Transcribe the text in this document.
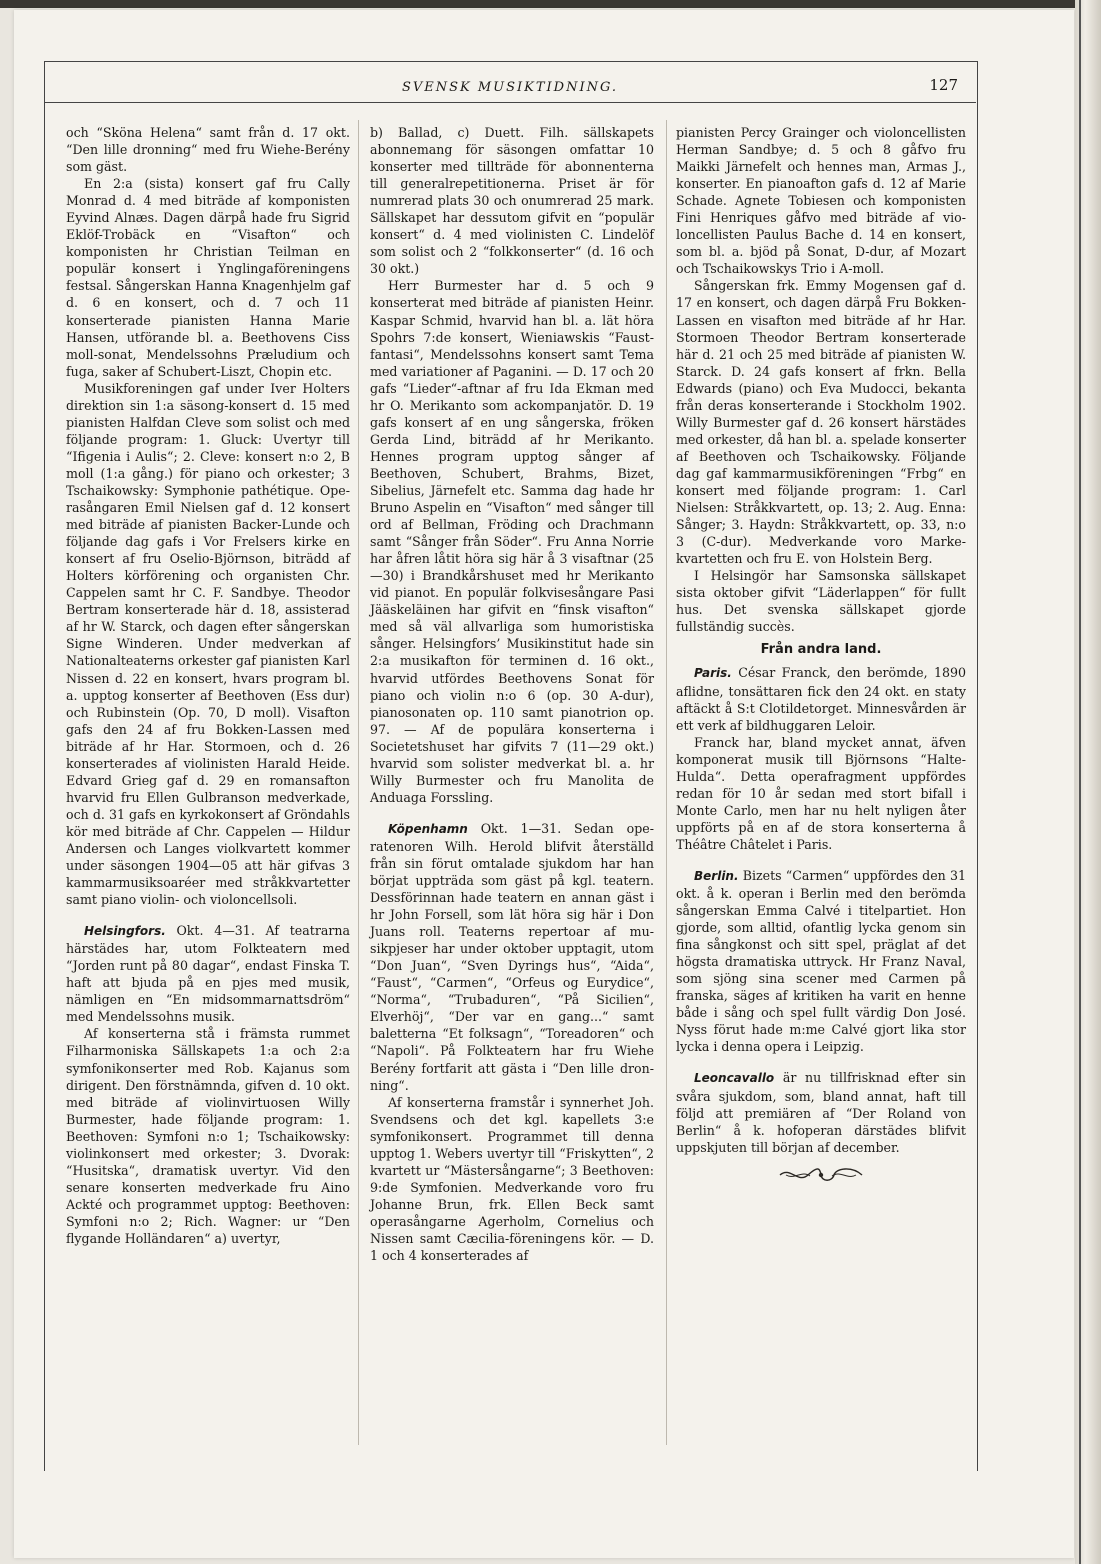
SVENSK MUSIKTIDNING.	127

och “Sköna Helena“ samt från d. 17 okt. “Den lille dronning“ med fru Wiehe-Berény som gäst.

En 2:a (sista) konsert gaf fru Cally Monrad d. 4 med biträde af komponisten Eyvind Alnæs. Dagen därpå hade fru Sigrid Eklöf-Trobäck en “Visafton“ och komponisten hr Christian Teilman en populär konsert i Ynglingaföreningens festsal. Sångerskan Hanna Knagenhjelm gaf d. 6 en konsert, och d. 7 och 11 konserterade pianisten Hanna Marie Hansen, utförande bl. a. Beethovens Ciss moll-sonat, Mendelssohns Præludium och fuga, saker af Schubert-Liszt, Chopin etc.

Musikforeningen gaf under Iver Holters direktion sin 1:a säsong-konsert d. 15 med pianisten Halfdan Cleve som solist och med följande program: 1. Gluck: Uvertyr till “Ifigenia i Aulis“; 2. Cleve: konsert n:o 2, B moll (1:a gång.) för piano och orkester; 3 Tschaikowsky: Symphonie pathétique. Operasångaren Emil Nielsen gaf d. 12 konsert med biträde af pianisten Backer-Lunde och följande dag gafs i Vor Frelsers kirke en konsert af fru Oselio-Björnson, biträdd af Holters körförening och organisten Chr. Cappelen samt hr C. F. Sandbye. Theodor Bertram konserterade här d. 18, assisterad af hr W. Starck, och dagen efter sångerskan Signe Winderen. Under medverkan af Nationalteaterns orkester gaf pianisten Karl Nissen d. 22 en konsert, hvars program bl. a. upptog konserter af Beethoven (Ess dur) och Rubinstein (Op. 70, D moll). Visafton gafs den 24 af fru Bokken-Lassen med biträde af hr Har. Stormoen, och d. 26 konserterades af violinisten Harald Heide. Edvard Grieg gaf d. 29 en romansafton hvarvid fru Ellen Gulbranson medverkade, och d. 31 gafs en kyrkokonsert af Gröndahls kör med biträde af Chr. Cappelen — Hildur Andersen och Langes violkvartett kommer under säsongen 1904—05 att här gifvas 3 kammarmusiksoaréer med stråkkvartetter samt piano violin- och violoncellsoli.

Helsingfors. Okt. 4—31. Af teatrarna härstädes har, utom Folkteatern med “Jorden runt på 80 dagar“, endast Finska T. haft att bjuda på en pjes med musik, nämligen en “En midsommarnattsdröm“ med Mendelssohns musik.

Af konserterna stå i främsta rummet Filharmoniska Sällskapets 1:a och 2:a symfonikonserter med Rob. Kajanus som dirigent. Den förstnämnda, gifven d. 10 okt. med biträde af violinvirtuosen Willy Burmester, hade följande program: 1. Beethoven: Symfoni n:o 1; Tschaikowsky: violinkonsert med orkester; 3. Dvorak: “Husitska“, dramatisk uvertyr. Vid den senare konserten medverkade fru Aino Ackté och programmet upptog: Beethoven: Symfoni n:o 2; Rich. Wagner: ur “Den flygande Holländaren“ a) uvertyr,

b) Ballad, c) Duett. Filh. sällskapets abonnemang för säsongen omfattar 10 konserter med tillträde för abonnenterna till generalrepetitionerna. Priset är för numrerad plats 30 och onumrerad 25 mark. Sällskapet har dessutom gifvit en “populär konsert“ d. 4 med violinisten C. Lindelöf som solist och 2 “folkkonserter“ (d. 16 och 30 okt.)

Herr Burmester har d. 5 och 9 konserterat med biträde af pianisten Heinr. Kaspar Schmid, hvarvid han bl. a. lät höra Spohrs 7:de konsert, Wieniawskis “Faust-fantasi“, Mendelssohns konsert samt Tema med variationer af Paganini. — D. 17 och 20 gafs “Lieder“-aftnar af fru Ida Ekman med hr O. Merikanto som ackompanjatör. D. 19 gafs konsert af en ung sångerska, fröken Gerda Lind, biträdd af hr Merikanto. Hennes program upptog sånger af Beethoven, Schubert, Brahms, Bizet, Sibelius, Järnefelt etc. Samma dag hade hr Bruno Aspelin en “Visafton“ med sånger till ord af Bellman, Fröding och Drachmann samt “Sånger från Söder“. Fru Anna Norrie har åfren låtit höra sig här å 3 visaftnar (25—30) i Brandkårshuset med hr Merikanto vid pianot. En populär folkvisesångare Pasi Jääskeläinen har gifvit en “finsk visafton“ med så väl allvarliga som humoristiska sånger. Helsingfors’ Musikinstitut hade sin 2:a musikafton för terminen d. 16 okt., hvarvid utfördes Beethovens Sonat för piano och violin n:o 6 (op. 30 A-dur), pianosonaten op. 110 samt pianotrion op. 97. — Af de populära konserterna i Societetshuset har gifvits 7 (11—29 okt.) hvarvid som solister medverkat bl. a. hr Willy Burmester och fru Manolita de Anduaga Forssling.

Köpenhamn Okt. 1—31. Sedan operatenoren Wilh. Herold blifvit återställd från sin förut omtalade sjukdom har han börjat uppträda som gäst på kgl. teatern. Dessförinnan hade teatern en annan gäst i hr John Forsell, som lät höra sig här i Don Juans roll. Teaterns repertoar af musikpjeser har under oktober upptagit, utom “Don Juan“, “Sven Dyrings hus“, “Aida“, “Faust“, “Carmen“, “Orfeus og Eurydice“, “Norma“, “Trubaduren“, “På Sicilien“, Elverhöj“, “Der var en gang...“ samt baletterna “Et folksagn“, “Toreadoren“ och “Napoli“. På Folkteatern har fru Wiehe Berény fortfarit att gästa i “Den lille dronning“.

Af konserterna framstår i synnerhet Joh. Svendsens och det kgl. kapellets 3:e symfonikonsert. Programmet till denna upptog 1. Webers uvertyr till “Friskytten“, 2 kvartett ur “Mästersångarne“; 3 Beethoven: 9:de Symfonien. Medverkande voro fru Johanne Brun, frk. Ellen Beck samt operasångarne Agerholm, Cornelius och Nissen samt Cæcilia-föreningens kör. — D. 1 och 4 konserterades af

pianisten Percy Grainger och violoncellisten Herman Sandbye; d. 5 och 8 gåfvo fru Maikki Järnefelt och hennes man, Armas J., konserter. En pianoafton gafs d. 12 af Marie Schade. Agnete Tobiesen och komponisten Fini Henriques gåfvo med biträde af violoncellisten Paulus Bache d. 14 en konsert, som bl. a. bjöd på Sonat, D-dur, af Mozart och Tschaikowskys Trio i A-moll.

Sångerskan frk. Emmy Mogensen gaf d. 17 en konsert, och dagen därpå Fru Bokken-Lassen en visafton med biträde af hr Har. Stormoen Theodor Bertram konserterade här d. 21 och 25 med biträde af pianisten W. Starck. D. 24 gafs konsert af frkn. Bella Edwards (piano) och Eva Mudocci, bekanta från deras konserterande i Stockholm 1902. Willy Burmester gaf d. 26 konsert härstädes med orkester, då han bl. a. spelade konserter af Beethoven och Tschaikowsky. Följande dag gaf kammarmusikföreningen “Frbg“ en konsert med följande program: 1. Carl Nielsen: Stråkkvartett, op. 13; 2. Aug. Enna: Sånger; 3. Haydn: Stråkkvartett, op. 33, n:o 3 (C-dur). Medverkande voro Marke-kvartetten och fru E. von Holstein Berg.

I Helsingör har Samsonska sällskapet sista oktober gifvit “Läderlappen“ för fullt hus. Det svenska sällskapet gjorde fullständig succès.

Från andra land.

Paris. César Franck, den berömde, 1890 aflidne, tonsättaren fick den 24 okt. en staty aftäckt å S:t Clotildetorget. Minnesvården är ett verk af bildhuggaren Leloir.

Franck har, bland mycket annat, äfven komponerat musik till Björnsons “Halte-Hulda“. Detta operafragment uppfördes redan för 10 år sedan med stort bifall i Monte Carlo, men har nu helt nyligen åter uppförts på en af de stora konserterna å Théâtre Châtelet i Paris.

Berlin. Bizets “Carmen“ uppfördes den 31 okt. å k. operan i Berlin med den berömda sångerskan Emma Calvé i titelpartiet. Hon gjorde, som alltid, ofantlig lycka genom sin fina sångkonst och sitt spel, präglat af det högsta dramatiska uttryck. Hr Franz Naval, som sjöng sina scener med Carmen på franska, säges af kritiken ha varit en henne både i sång och spel fullt värdig Don José. Nyss förut hade m:me Calvé gjort lika stor lycka i denna opera i Leipzig.

Leoncavallo är nu tillfrisknad efter sin svåra sjukdom, som, bland annat, haft till följd att premiären af “Der Roland von Berlin“ å k. hofoperan därstädes blifvit uppskjuten till början af december.
